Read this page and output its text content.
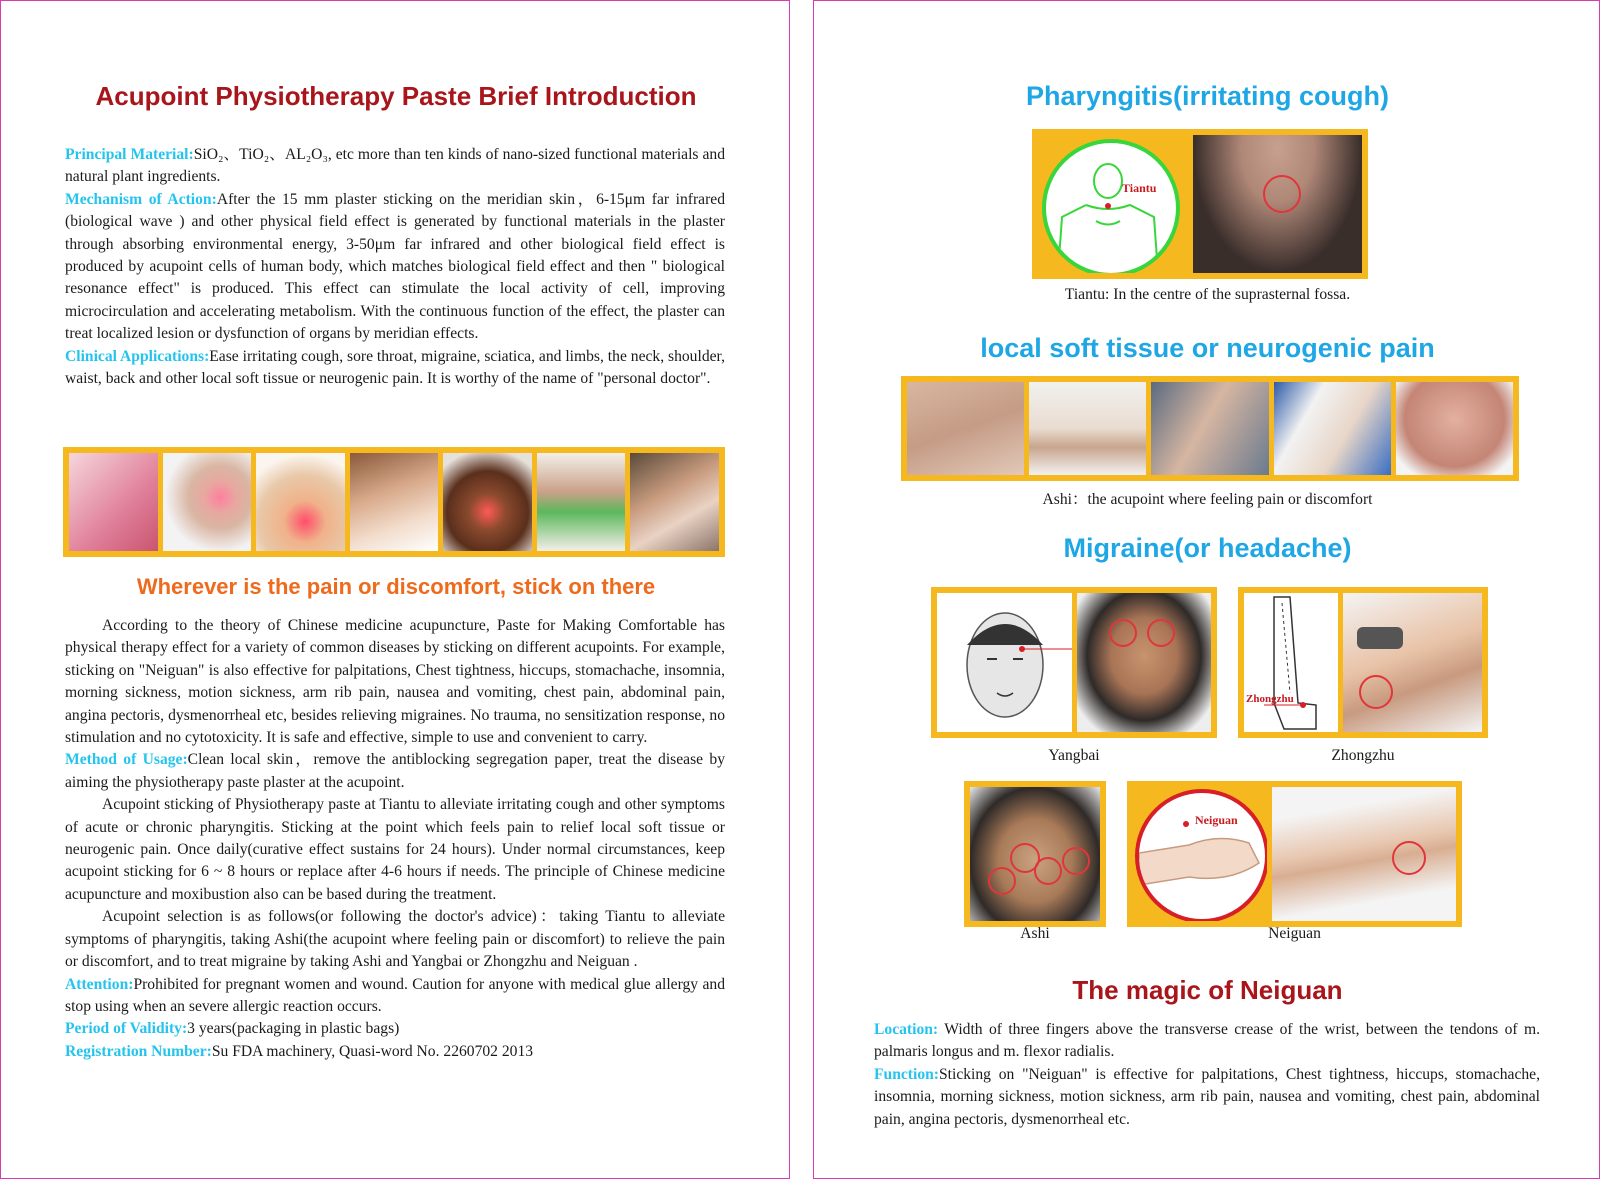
Acupoint Physiotherapy Paste Brief Introduction

Principal Material:SiO₂、TiO₂、AL₂O₃, etc more than ten kinds of nano-sized functional materials and natural plant ingredients.

Mechanism of Action:After the 15 mm plaster sticking on the meridian skin，6-15μm far infrared (biological wave ) and other physical field effect is generated by functional materials in the plaster through absorbing environmental energy, 3-50μm far infrared and other biological field effect is produced by acupoint cells of human body, which matches biological field effect and then " biological resonance effect" is produced. This effect can stimulate the local activity of cell, improving microcirculation and accelerating metabolism. With the continuous function of the effect, the plaster can treat localized lesion or dysfunction of organs by meridian effects.

Clinical Applications:Ease irritating cough, sore throat, migraine, sciatica, and limbs, the neck, shoulder, waist, back and other local soft tissue or neurogenic pain. It is worthy of the name of "personal doctor".

Wherever is the pain or discomfort, stick on there

According to the theory of Chinese medicine acupuncture, Paste for Making Comfortable has physical therapy effect for a variety of common diseases by sticking on different acupoints. For example, sticking on "Neiguan" is also effective for palpitations, Chest tightness, hiccups, stomachache, insomnia, morning sickness, motion sickness, arm rib pain, nausea and vomiting, chest pain, abdominal pain, angina pectoris, dysmenorrheal etc, besides relieving migraines. No trauma, no sensitization response, no stimulation and no cytotoxicity. It is safe and effective, simple to use and convenient to carry.

Method of Usage:Clean local skin，remove the antiblocking segregation paper, treat the disease by aiming the physiotherapy paste plaster at the acupoint.

Acupoint sticking of Physiotherapy paste at Tiantu to alleviate irritating cough and other symptoms of acute or chronic pharyngitis. Sticking at the point which feels pain to relief local soft tissue or neurogenic pain. Once daily(curative effect sustains for 24 hours). Under normal circumstances, keep acupoint sticking for 6 ~ 8 hours or replace after 4-6 hours if needs. The principle of Chinese medicine acupuncture and moxibustion also can be based during the treatment.

Acupoint selection is as follows(or following the doctor's advice)：taking Tiantu to alleviate symptoms of pharyngitis, taking Ashi(the acupoint where feeling pain or discomfort) to relieve the pain or discomfort, and to treat migraine by taking Ashi and Yangbai or Zhongzhu and Neiguan .

Attention:Prohibited for pregnant women and wound. Caution for anyone with medical glue allergy and stop using when an severe allergic reaction occurs.

Period of Validity:3 years(packaging in plastic bags)

Registration Number:Su FDA machinery, Quasi-word No. 2260702 2013

Pharyngitis(irritating cough)
Tiantu
Tiantu: In the centre of the suprasternal fossa.
local soft tissue or neurogenic pain
Ashi：the acupoint where feeling pain or discomfort
Migraine(or headache)
Yangbai
Zhongzhu
Zhongzhu
Ashi
Neiguan
Neiguan
The magic of Neiguan

Location: Width of three fingers above the transverse crease of the wrist, between the tendons of m. palmaris longus and m. flexor radialis.

Function:Sticking on "Neiguan" is effective for palpitations, Chest tightness, hiccups, stomachache, insomnia, morning sickness, motion sickness, arm rib pain, nausea and vomiting, chest pain, abdominal pain, angina pectoris, dysmenorrheal etc.
